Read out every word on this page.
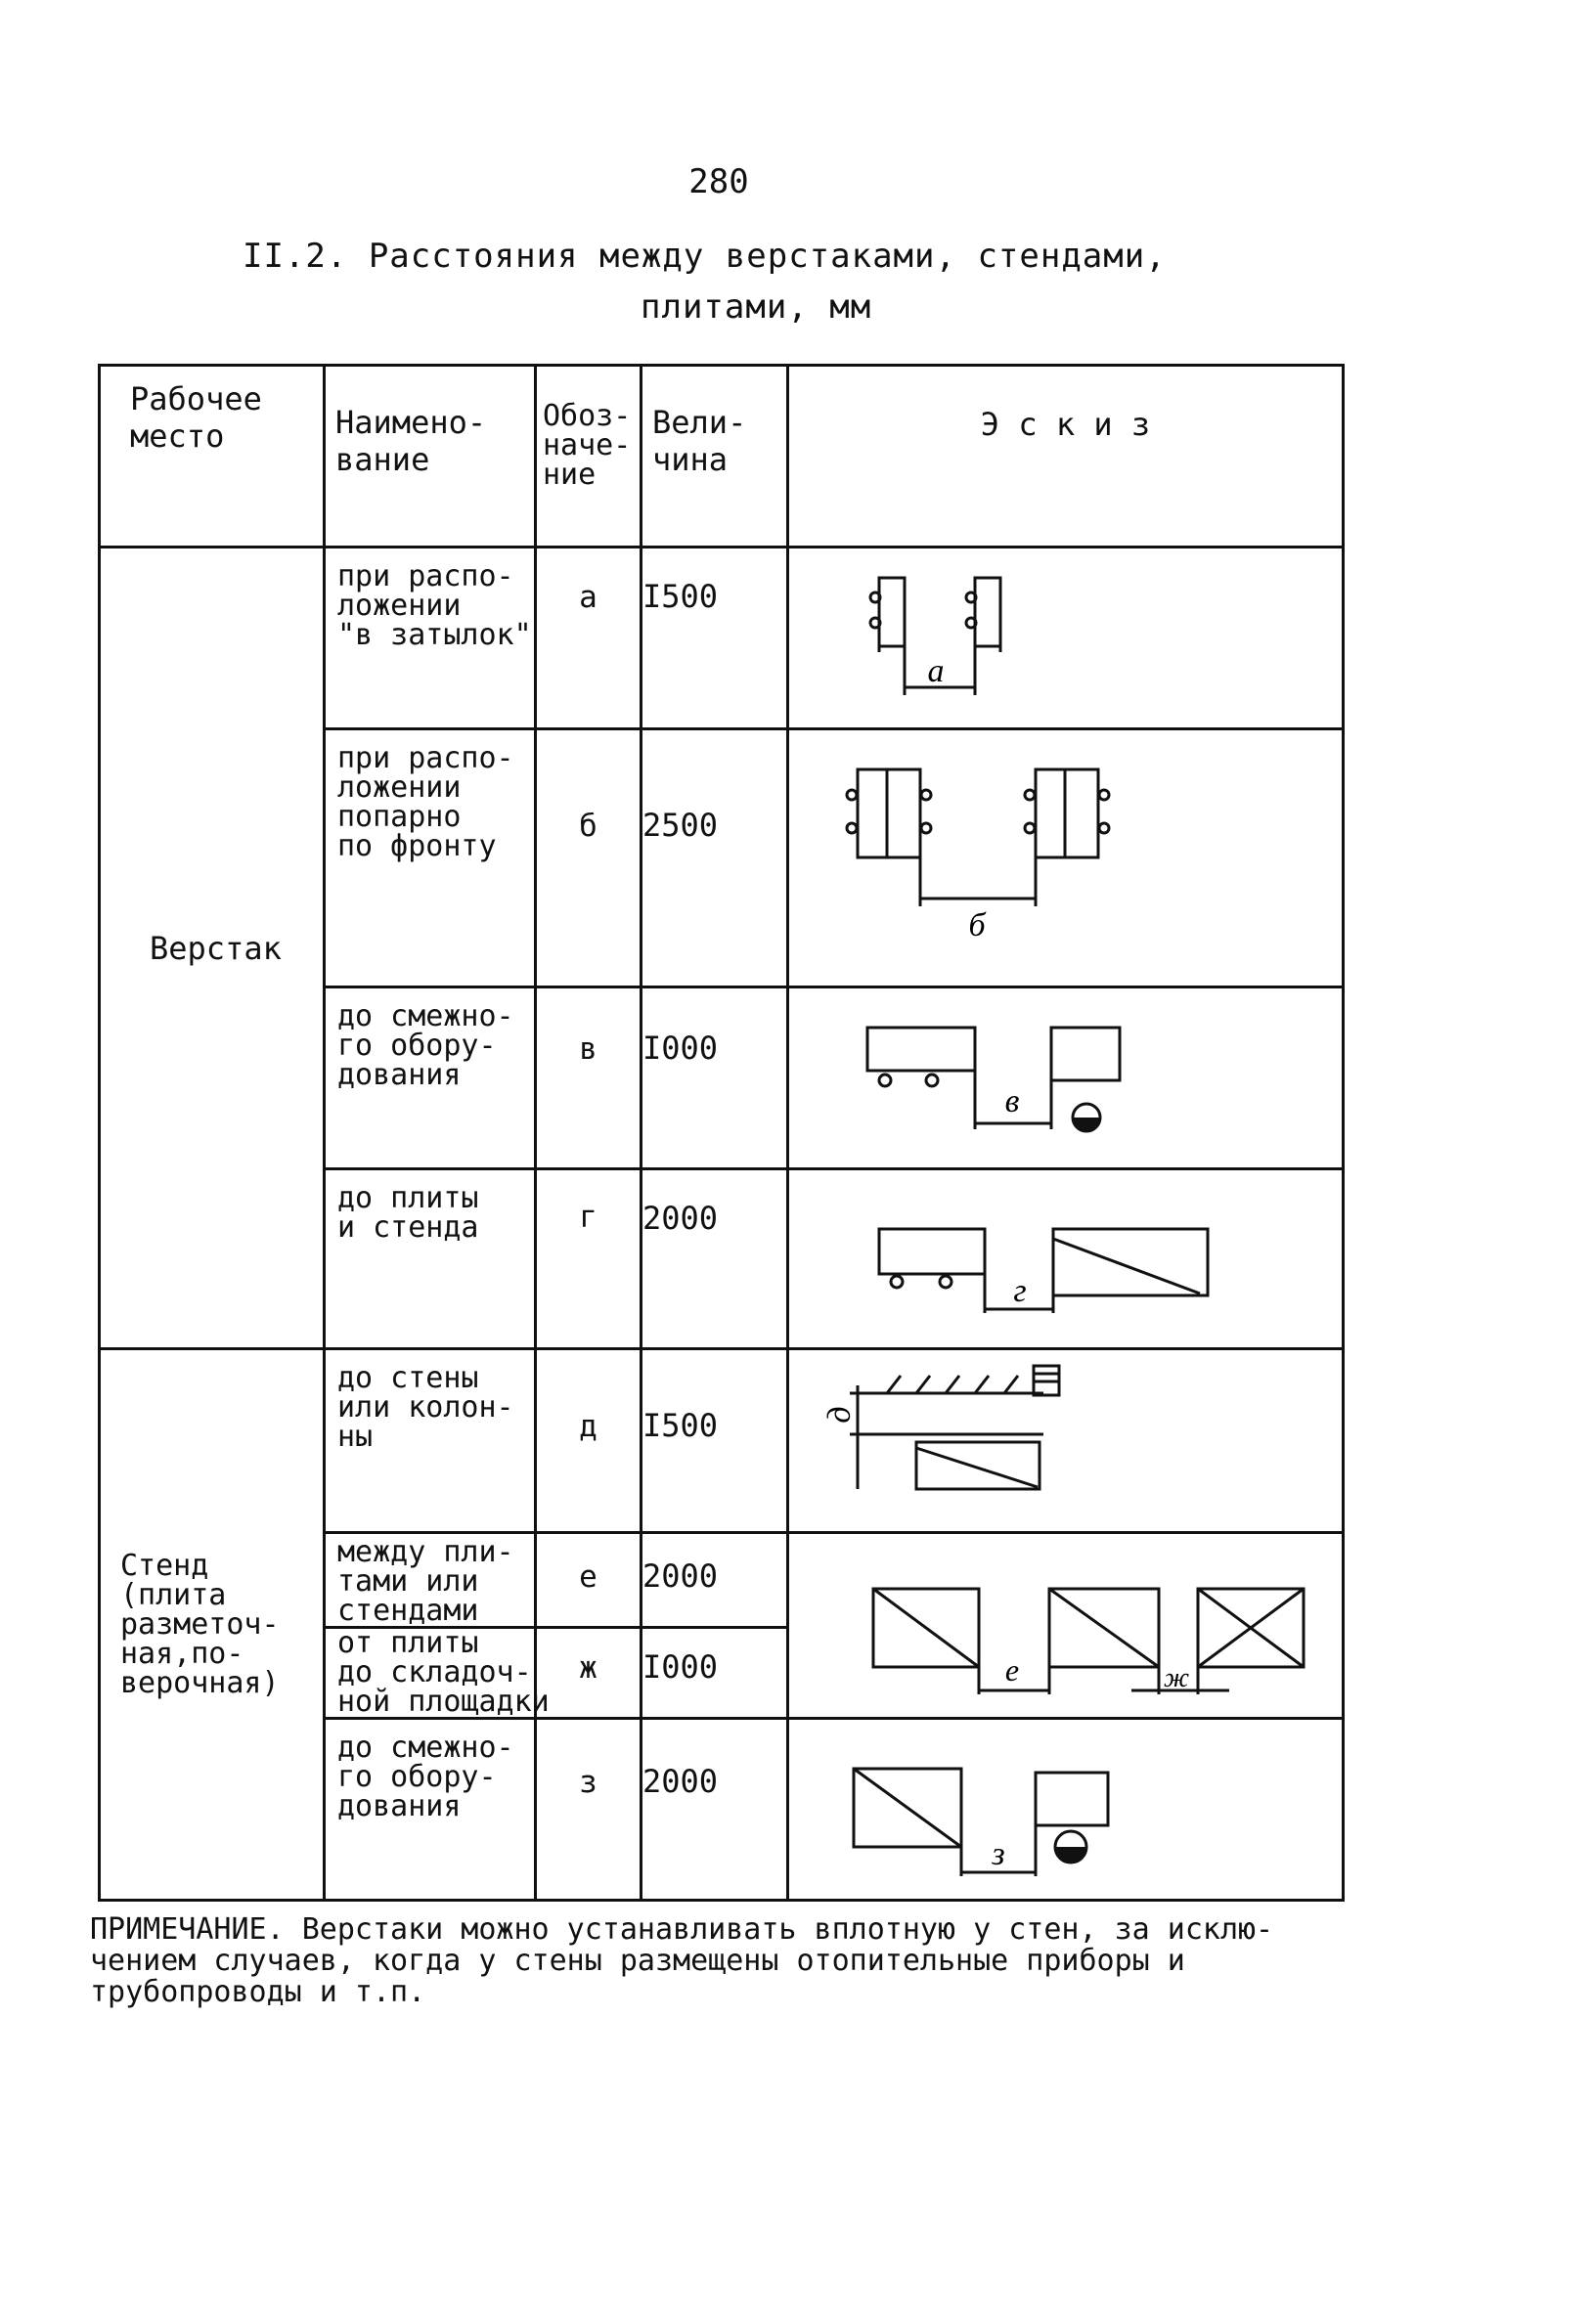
280
II.2. Расстояния между верстаками, стендами,
плитами, мм
Рабочее
место	Наимено-
вание	Обоз-
наче-
ние	Вели-
чина	Э с к и з

Верстак	при распо-
ложении
"в затылок"	а	I500	а

	при распо-
ложении
попарно
по фронту	б	2500	б

	до смежно-
го обору-
дования	в	I000	в

	до плиты
и стенда	г	2000	г

Стенд
(плита
разметоч-
ная,по-
верочная)	до стены
или колон-
ны	д	I500	д

	между пли-
тами или
стендами	е	2000	е ж

	от плиты
до складоч-
ной площадки	ж	I000	

	до смежно-
го обору-
дования	з	2000	з
ПРИМЕЧАНИЕ. Верстаки можно устанавливать вплотную у стен, за исклю-
чением случаев, когда у стены размещены отопительные приборы и
трубопроводы и т.п.
